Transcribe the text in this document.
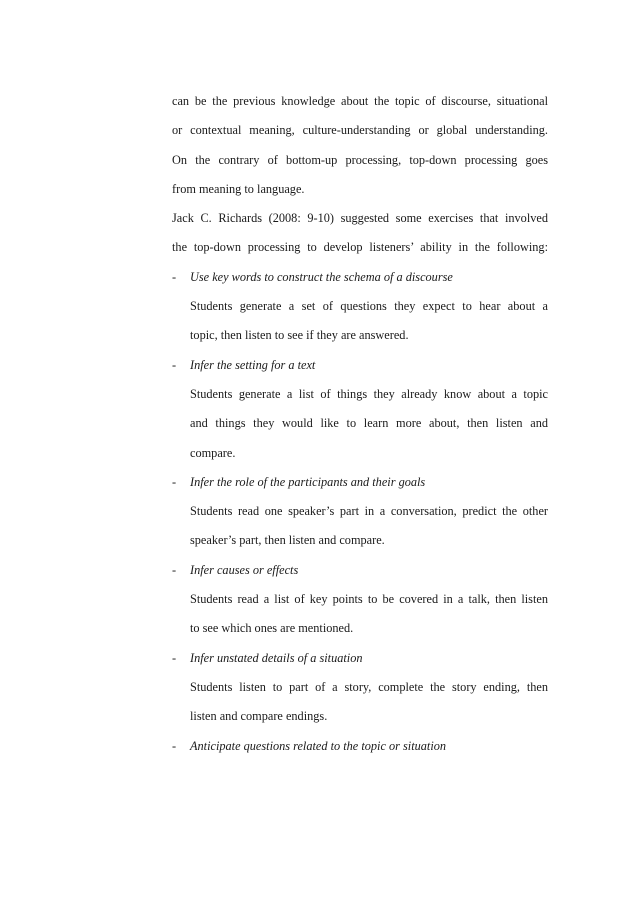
can be the previous knowledge about the topic of discourse, situational
or contextual meaning, culture-understanding or global understanding.
On the contrary of bottom-up processing, top-down processing goes
from meaning to language.
Jack C. Richards (2008: 9-10) suggested some exercises that involved
the top-down processing to develop listeners’ ability in the following:
-	Use key words to construct the schema of a discourse
Students generate a set of questions they expect to hear about a
topic, then listen to see if they are answered.
-	Infer the setting for a text
Students generate a list of things they already know about a topic
and things they would like to learn more about, then listen and
compare.
-	Infer the role of the participants and their goals
Students read one speaker’s part in a conversation, predict the other
speaker’s part, then listen and compare.
-	Infer causes or effects
Students read a list of key points to be covered in a talk, then listen
to see which ones are mentioned.
-	Infer unstated details of a situation
Students listen to part of a story, complete the story ending, then
listen and compare endings.
-	Anticipate questions related to the topic or situation
